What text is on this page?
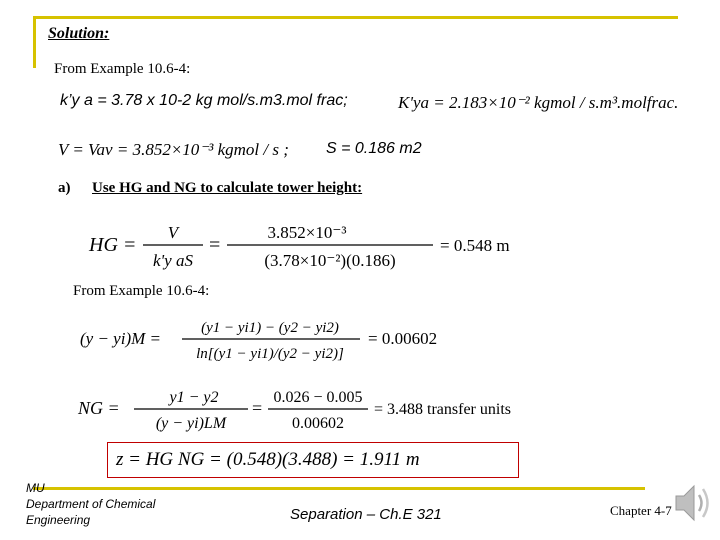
Solution:
From Example 10.6-4:
k’y a = 3.78 x 10-2 kg mol/s.m3.mol frac;	K'ya = 2.183×10⁻² kgmol / s.m³.molfrac.
V = Vav = 3.852×10⁻³ kgmol / s ; S = 0.186 m2
a) Use HG and NG to calculate tower height:
HG =
V
k'y aS
=
3.852×10⁻³
(3.78×10⁻²)(0.186)
= 0.548 m
From Example 10.6-4:
(y − yi)M =
(y1 − yi1) − (y2 − yi2)
ln[(y1 − yi1)/(y2 − yi2)]
= 0.00602
NG =
y1 − y2
(y − yi)LM
=
0.026 − 0.005
0.00602
= 3.488 transfer units
z = HG NG = (0.548)(3.488) = 1.911 m
MU
Department of Chemical
Engineering	Separation – Ch.E 321	Chapter 4-7
